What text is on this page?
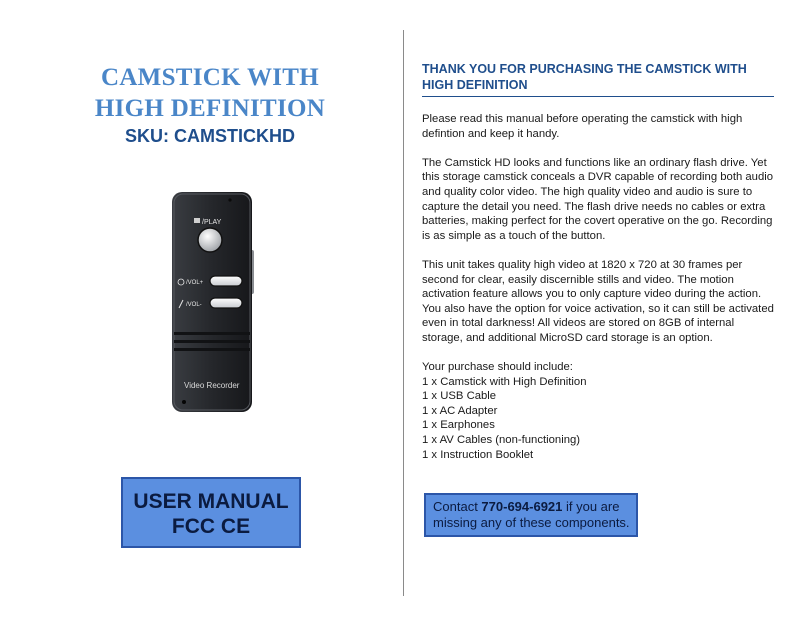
CAMSTICK WITH
HIGH DEFINITION
SKU: CAMSTICKHD
/PLAY
/VOL+
/VOL-
Video Recorder
USER MANUAL
FCC CE
THANK YOU FOR PURCHASING THE CAMSTICK WITH HIGH DEFINITION

Please read this manual before operating the camstick with high defintion and keep it handy.

The Camstick HD looks and functions like an ordinary flash drive. Yet this storage camstick conceals a DVR capable of recording both audio and quality color video. The high quality video and audio is sure to capture the detail you need. The flash drive needs no cables or extra batteries, making perfect for the covert operative on the go. Recording is as simple as a touch of the button.

This unit takes quality high video at 1820 x 720 at 30 frames per second for clear, easily discernible stills and video. The motion activation feature allows you to only capture video during the action. You also have the option for voice activation, so it can still be activated even in total darkness! All videos are stored on 8GB of internal storage, and additional MicroSD card storage is an option.

Your purchase should include:
1 x Camstick with High Definition
1 x USB Cable
1 x AC Adapter
1 x Earphones
1 x AV Cables (non-functioning)
1 x Instruction Booklet
Contact 770-694-6921 if you are missing any of these components.
